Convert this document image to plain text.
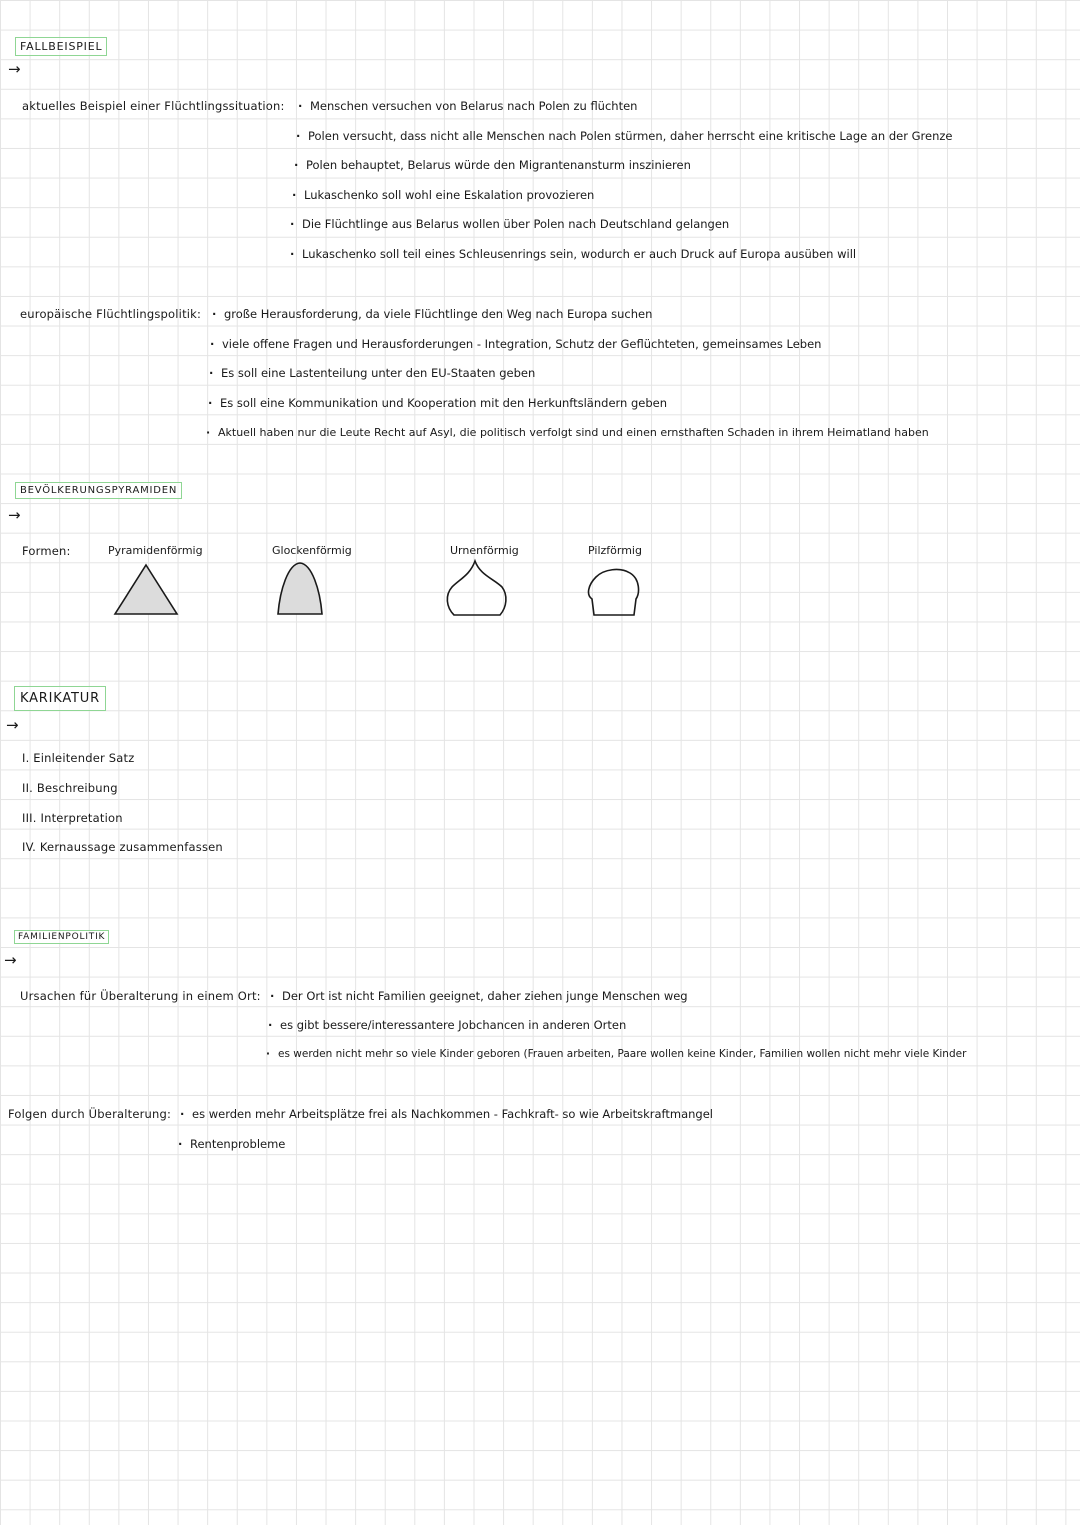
FALLBEISPIEL
→
aktuelles Beispiel einer Flüchtlingssituation: · Menschen versuchen von Belarus nach Polen zu flüchten
· Polen versucht, dass nicht alle Menschen nach Polen stürmen, daher herrscht eine kritische Lage an der Grenze
· Polen behauptet, Belarus würde den Migrantenansturm inszinieren
· Lukaschenko soll wohl eine Eskalation provozieren
· Die Flüchtlinge aus Belarus wollen über Polen nach Deutschland gelangen
· Lukaschenko soll teil eines Schleusenrings sein, wodurch er auch Druck auf Europa ausüben will
europäische Flüchtlingspolitik: · große Herausforderung, da viele Flüchtlinge den Weg nach Europa suchen
· viele offene Fragen und Herausforderungen - Integration, Schutz der Geflüchteten, gemeinsames Leben
· Es soll eine Lastenteilung unter den EU-Staaten geben
· Es soll eine Kommunikation und Kooperation mit den Herkunftsländern geben
· Aktuell haben nur die Leute Recht auf Asyl, die politisch verfolgt sind und einen ernsthaften Schaden in ihrem Heimatland haben
BEVÖLKERUNGSPYRAMIDEN
→
Formen:	Pyramidenförmig	Glockenförmig	Urnenförmig	Pilzförmig
KARIKATUR
→
I. Einleitender Satz
II. Beschreibung
III. Interpretation
IV. Kernaussage zusammenfassen
FAMILIENPOLITIK
→
Ursachen für Überalterung in einem Ort: · Der Ort ist nicht Familien geeignet, daher ziehen junge Menschen weg
· es gibt bessere/interessantere Jobchancen in anderen Orten
· es werden nicht mehr so viele Kinder geboren (Frauen arbeiten, Paare wollen keine Kinder, Familien wollen nicht mehr viele Kinder
Folgen durch Überalterung: · es werden mehr Arbeitsplätze frei als Nachkommen - Fachkraft- so wie Arbeitskraftmangel
· Rentenprobleme
